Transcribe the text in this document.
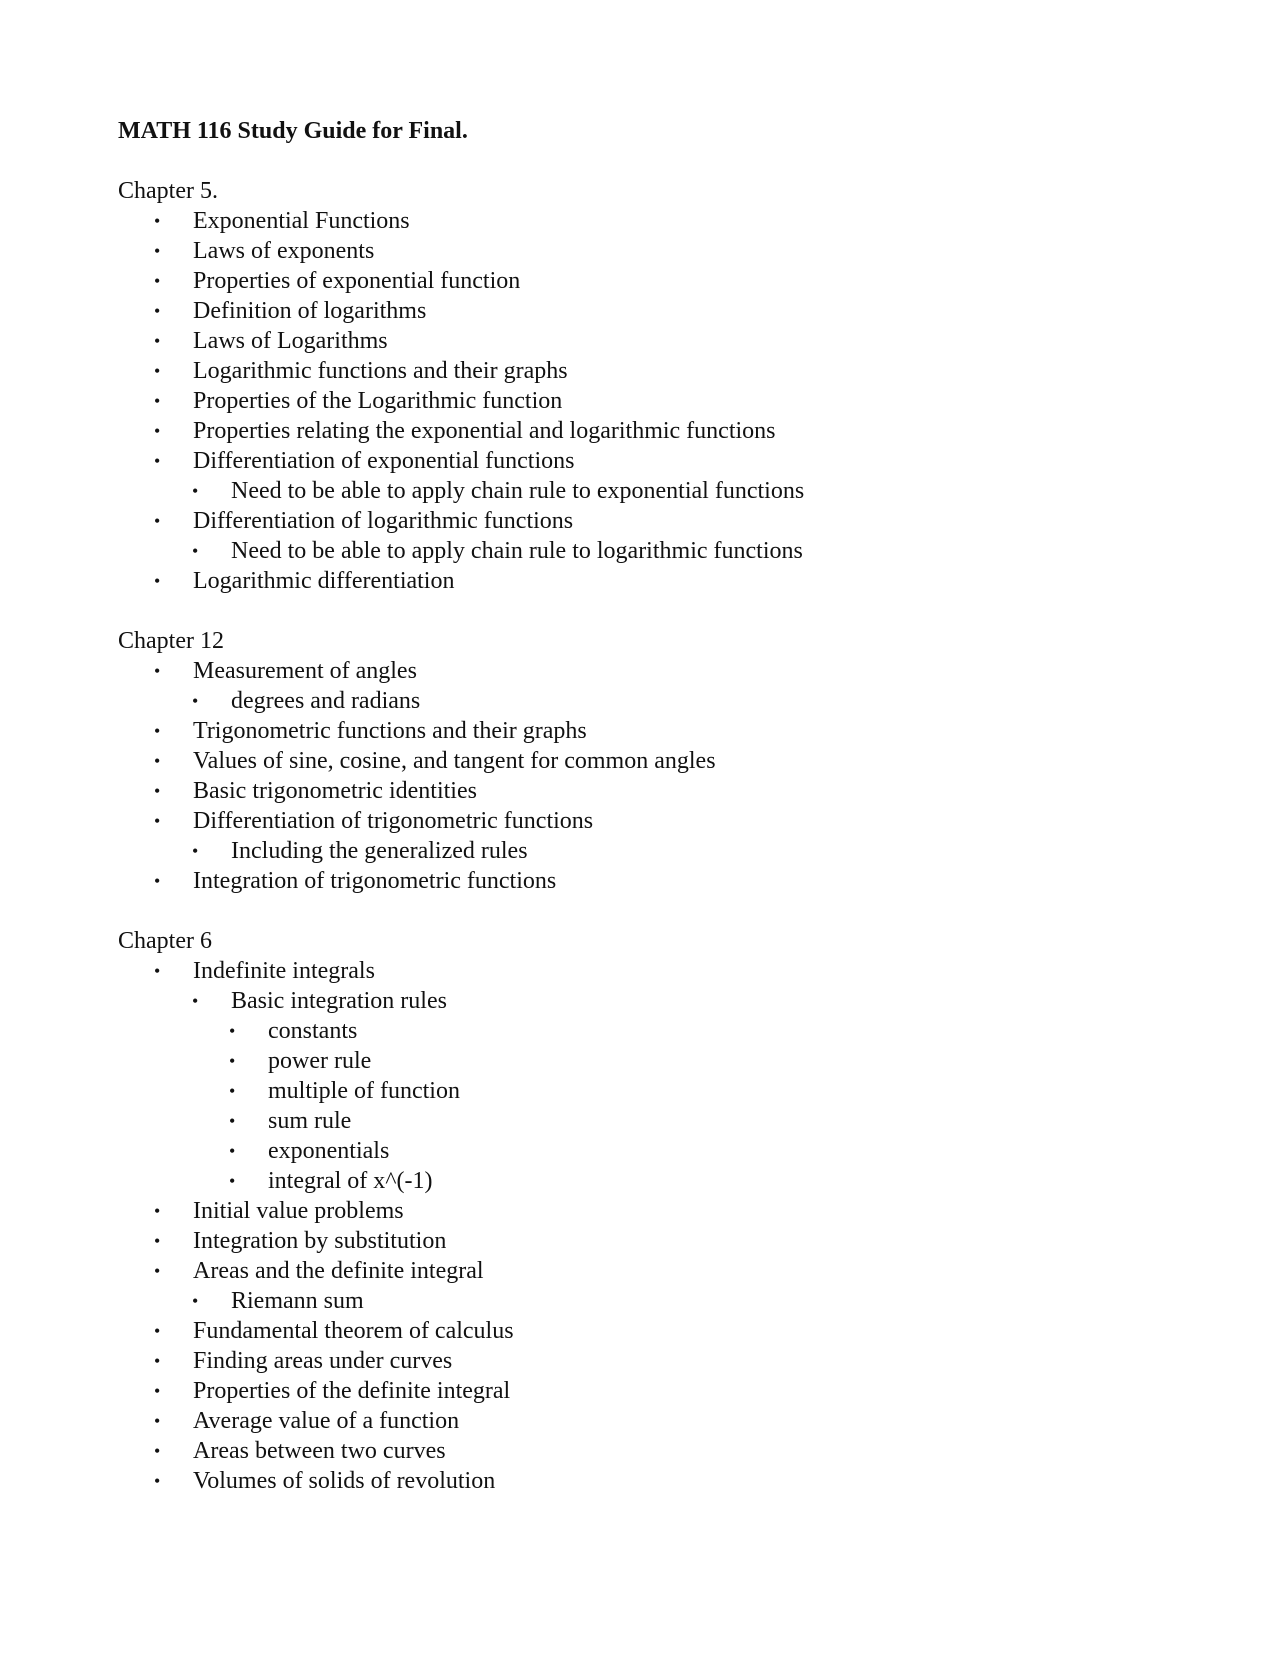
MATH 116 Study Guide for Final.
Chapter 5.
• Exponential Functions
• Laws of exponents
• Properties of exponential function
• Definition of logarithms
• Laws of Logarithms
• Logarithmic functions and their graphs
• Properties of the Logarithmic function
• Properties relating the exponential and logarithmic functions
• Differentiation of exponential functions
• Need to be able to apply chain rule to exponential functions
• Differentiation of logarithmic functions
• Need to be able to apply chain rule to logarithmic functions
• Logarithmic differentiation
Chapter 12
• Measurement of angles
• degrees and radians
• Trigonometric functions and their graphs
• Values of sine, cosine, and tangent for common angles
• Basic trigonometric identities
• Differentiation of trigonometric functions
• Including the generalized rules
• Integration of trigonometric functions
Chapter 6
• Indefinite integrals
• Basic integration rules
• constants
• power rule
• multiple of function
• sum rule
• exponentials
• integral of x^(-1)
• Initial value problems
• Integration by substitution
• Areas and the definite integral
• Riemann sum
• Fundamental theorem of calculus
• Finding areas under curves
• Properties of the definite integral
• Average value of a function
• Areas between two curves
• Volumes of solids of revolution
